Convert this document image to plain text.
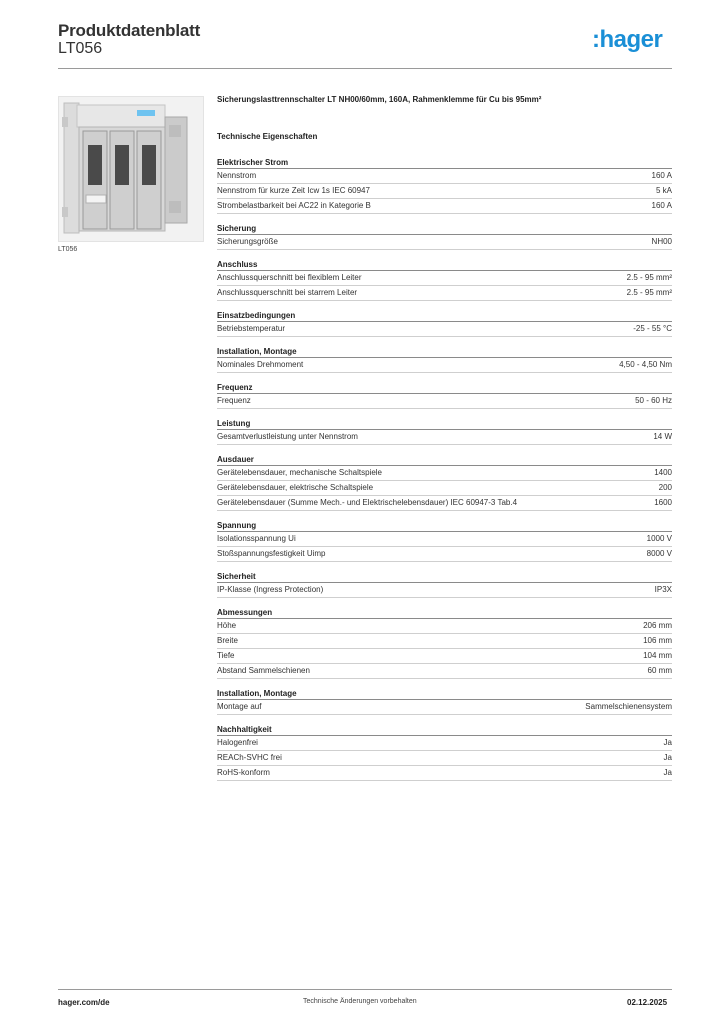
Produktdatenblatt
LT056	:hager
LT056
Sicherungslasttrennschalter LT NH00/60mm, 160A, Rahmenklemme für Cu bis 95mm²
Technische Eigenschaften
Elektrischer Strom
Nennstrom	160 A
Nennstrom für kurze Zeit Icw 1s IEC 60947	5 kA
Strombelastbarkeit bei AC22 in Kategorie B	160 A
Sicherung
Sicherungsgröße	NH00
Anschluss
Anschlussquerschnitt bei flexiblem Leiter	2.5 - 95 mm²
Anschlussquerschnitt bei starrem Leiter	2.5 - 95 mm²
Einsatzbedingungen
Betriebstemperatur	-25 - 55 °C
Installation, Montage
Nominales Drehmoment	4,50 - 4,50 Nm
Frequenz
Frequenz	50 - 60 Hz
Leistung
Gesamtverlustleistung unter Nennstrom	14 W
Ausdauer
Gerätelebensdauer, mechanische Schaltspiele	1400
Gerätelebensdauer, elektrische Schaltspiele	200
Gerätelebensdauer (Summe Mech.- und Elektrischelebensdauer) IEC 60947-3 Tab.4	1600
Spannung
Isolationsspannung Ui	1000 V
Stoßspannungsfestigkeit Uimp	8000 V
Sicherheit
IP-Klasse (Ingress Protection)	IP3X
Abmessungen
Höhe	206 mm
Breite	106 mm
Tiefe	104 mm
Abstand Sammelschienen	60 mm
Installation, Montage
Montage auf	Sammelschienensystem
Nachhaltigkeit
Halogenfrei	Ja
REACh-SVHC frei	Ja
RoHS-konform	Ja
hager.com/de	Technische Änderungen vorbehalten	02.12.2025
